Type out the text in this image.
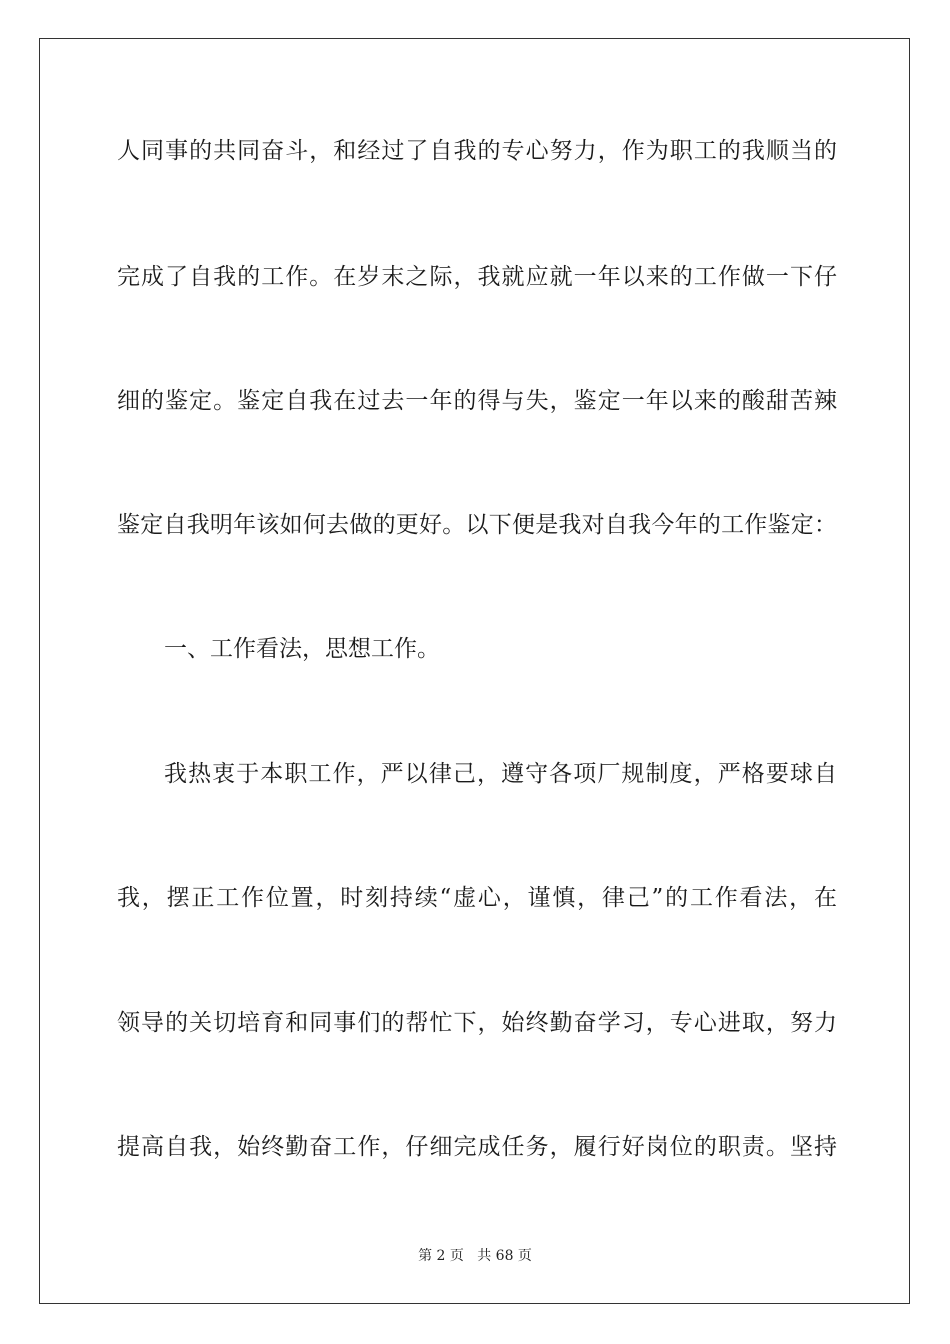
人同事的共同奋斗，和经过了自我的专心努力，作为职工的我顺当的
完成了自我的工作。在岁末之际，我就应就一年以来的工作做一下仔
细的鉴定。鉴定自我在过去一年的得与失，鉴定一年以来的酸甜苦辣
鉴定自我明年该如何去做的更好。以下便是我对自我今年的工作鉴定：
一、工作看法，思想工作。
我热衷于本职工作，严以律己，遵守各项厂规制度，严格要球自
我，摆正工作位置，时刻持续“虚心，谨慎，律己”的工作看法，在
领导的关切培育和同事们的帮忙下，始终勤奋学习，专心进取，努力
提高自我，始终勤奋工作，仔细完成任务，履行好岗位的职责。坚持
第 2 页   共 68 页
